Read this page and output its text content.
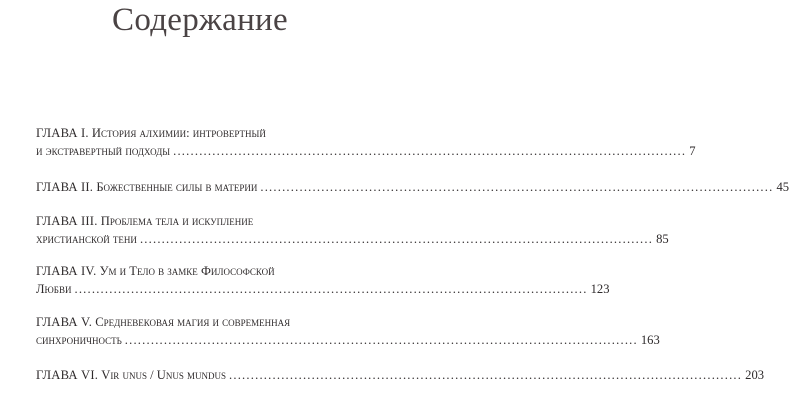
Содержание
ГЛАВА I.
История алхимии: интровертный
и экстравертный подходы ...................................................................................................................... 7
ГЛАВА II.
Божественные силы в материи ...................................................................................................................... 45
ГЛАВА III.
Проблема тела и искупление
христианской тени ...................................................................................................................... 85
ГЛАВА IV.
Ум и Тело в замке Философской
Любви ...................................................................................................................... 123
ГЛАВА V.
Средневековая магия и современная
синхроничность ...................................................................................................................... 163
ГЛАВА VI.
Vir unus / Unus mundus ...................................................................................................................... 203
